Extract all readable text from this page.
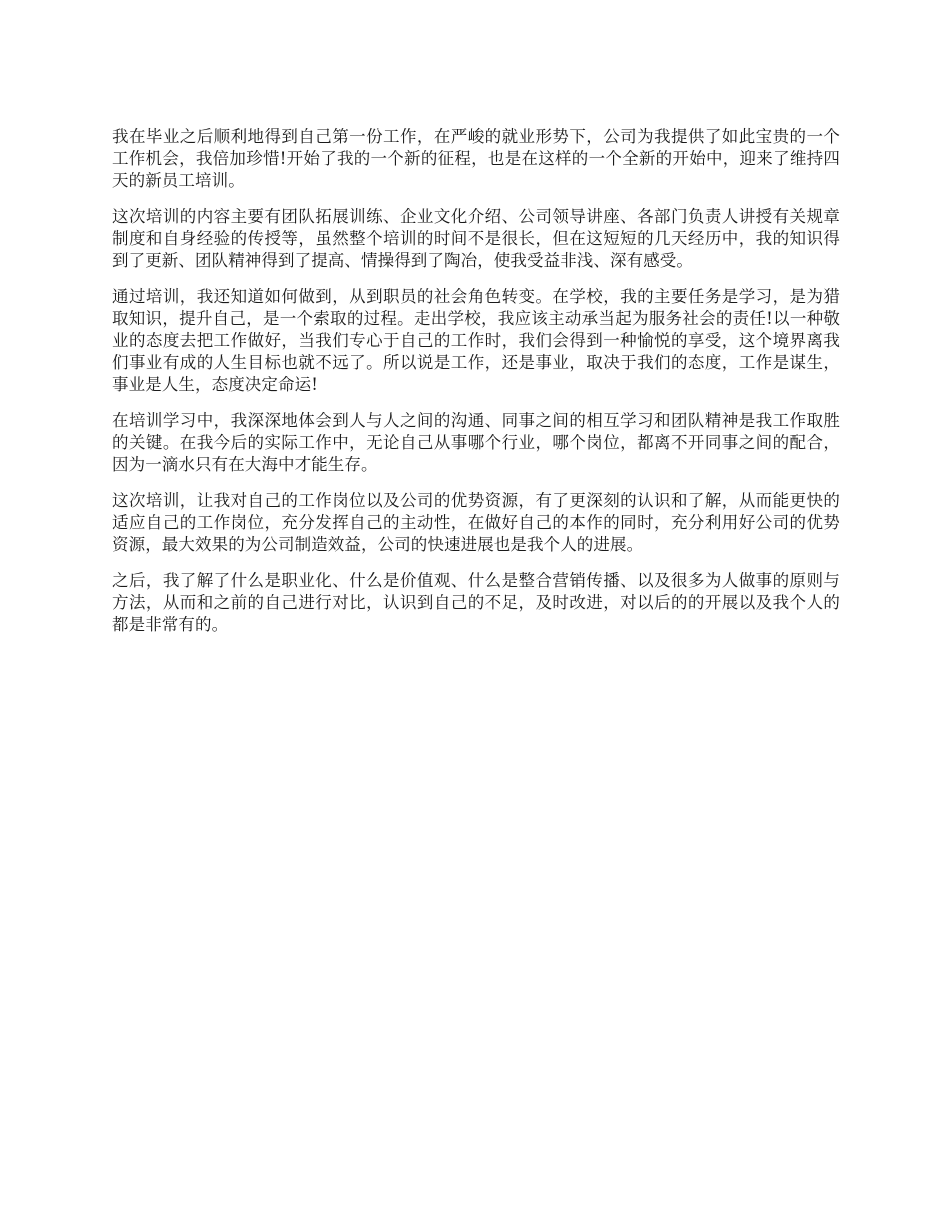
我在毕业之后顺利地得到自己第一份工作，在严峻的就业形势下，公司为我提供了如此宝贵的一个工作机会，我倍加珍惜!开始了我的一个新的征程，也是在这样的一个全新的开始中，迎来了维持四天的新员工培训。

这次培训的内容主要有团队拓展训练、企业文化介绍、公司领导讲座、各部门负责人讲授有关规章制度和自身经验的传授等，虽然整个培训的时间不是很长，但在这短短的几天经历中，我的知识得到了更新、团队精神得到了提高、情操得到了陶冶，使我受益非浅、深有感受。

通过培训，我还知道如何做到，从到职员的社会角色转变。在学校，我的主要任务是学习，是为猎取知识，提升自己，是一个索取的过程。走出学校，我应该主动承当起为服务社会的责任!以一种敬业的态度去把工作做好，当我们专心于自己的工作时，我们会得到一种愉悦的享受，这个境界离我们事业有成的人生目标也就不远了。所以说是工作，还是事业，取决于我们的态度，工作是谋生，事业是人生，态度决定命运!

在培训学习中，我深深地体会到人与人之间的沟通、同事之间的相互学习和团队精神是我工作取胜的关键。在我今后的实际工作中，无论自己从事哪个行业，哪个岗位，都离不开同事之间的配合，因为一滴水只有在大海中才能生存。

这次培训，让我对自己的工作岗位以及公司的优势资源，有了更深刻的认识和了解，从而能更快的适应自己的工作岗位，充分发挥自己的主动性，在做好自己的本作的同时，充分利用好公司的优势资源，最大效果的为公司制造效益，公司的快速进展也是我个人的进展。

之后，我了解了什么是职业化、什么是价值观、什么是整合营销传播、以及很多为人做事的原则与方法，从而和之前的自己进行对比，认识到自己的不足，及时改进，对以后的的开展以及我个人的都是非常有的。
